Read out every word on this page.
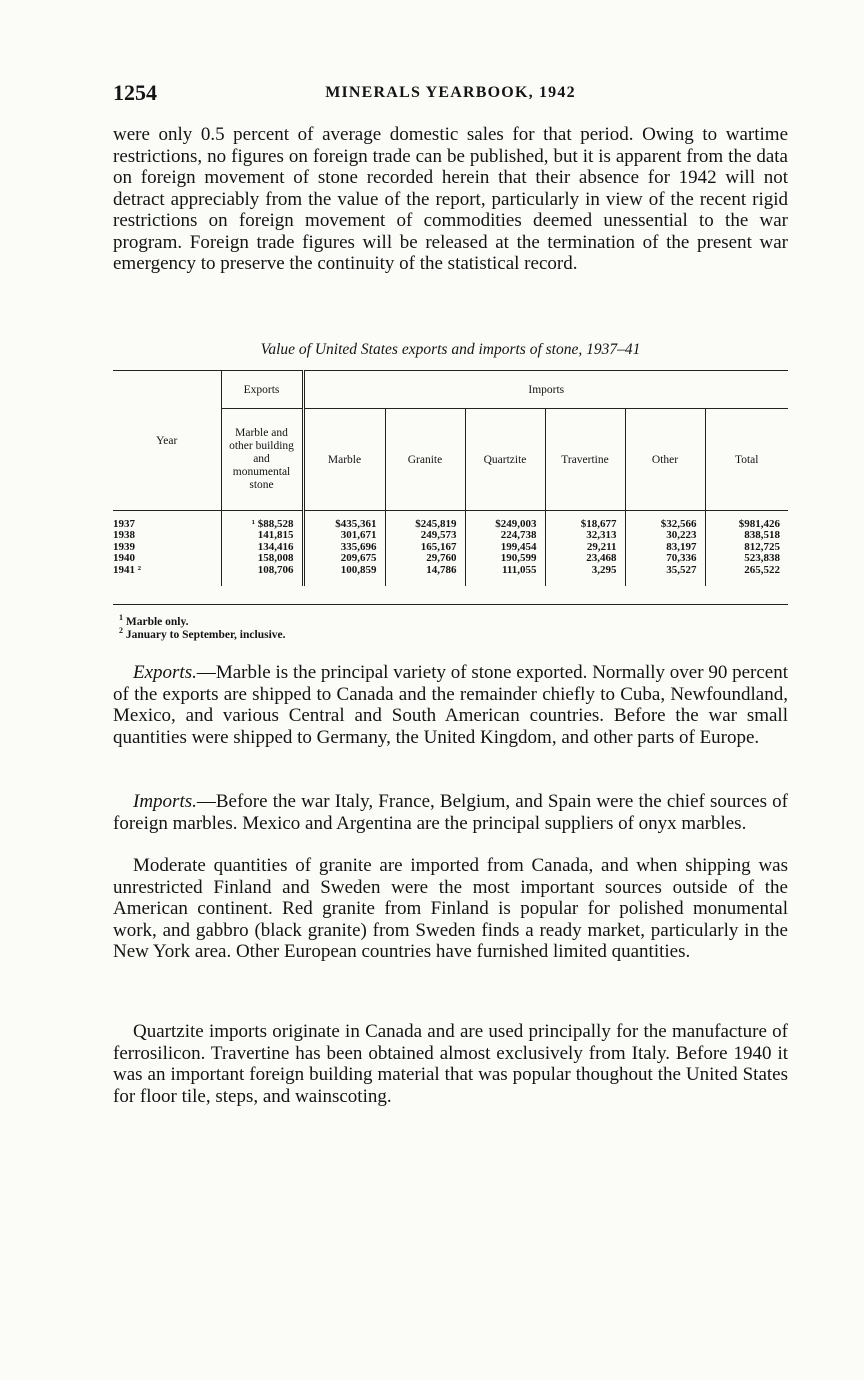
1254	MINERALS YEARBOOK, 1942

were only 0.5 percent of average domestic sales for that period. Owing to wartime restrictions, no figures on foreign trade can be published, but it is apparent from the data on foreign movement of stone recorded herein that their absence for 1942 will not detract appreciably from the value of the report, particularly in view of the recent rigid restrictions on foreign movement of commodities deemed unessential to the war program. Foreign trade figures will be released at the termination of the present war emergency to preserve the continuity of the statistical record.

Value of United States exports and imports of stone, 1937–41
Year	Exports	Imports					
	Marble and other building and monumental stone	Marble	Granite	Quartzite	Travertine	Other	Total

1937	¹ $88,528	$435,361	$245,819	$249,003	$18,677	$32,566	$981,426
1938	141,815	301,671	249,573	224,738	32,313	30,223	838,518
1939	134,416	335,696	165,167	199,454	29,211	83,197	812,725
1940	158,008	209,675	29,760	190,599	23,468	70,336	523,838
1941 ²	108,706	100,859	14,786	111,055	3,295	35,527	265,522

$^1$ Marble only.
$^2$ January to September, inclusive.

Exports.—Marble is the principal variety of stone exported. Normally over 90 percent of the exports are shipped to Canada and the remainder chiefly to Cuba, Newfoundland, Mexico, and various Central and South American countries. Before the war small quantities were shipped to Germany, the United Kingdom, and other parts of Europe.

Imports.—Before the war Italy, France, Belgium, and Spain were the chief sources of foreign marbles. Mexico and Argentina are the principal suppliers of onyx marbles.

Moderate quantities of granite are imported from Canada, and when shipping was unrestricted Finland and Sweden were the most important sources outside of the American continent. Red granite from Finland is popular for polished monumental work, and gabbro (black granite) from Sweden finds a ready market, particularly in the New York area. Other European countries have furnished limited quantities.

Quartzite imports originate in Canada and are used principally for the manufacture of ferrosilicon. Travertine has been obtained almost exclusively from Italy. Before 1940 it was an important foreign building material that was popular thoughout the United States for floor tile, steps, and wainscoting.
